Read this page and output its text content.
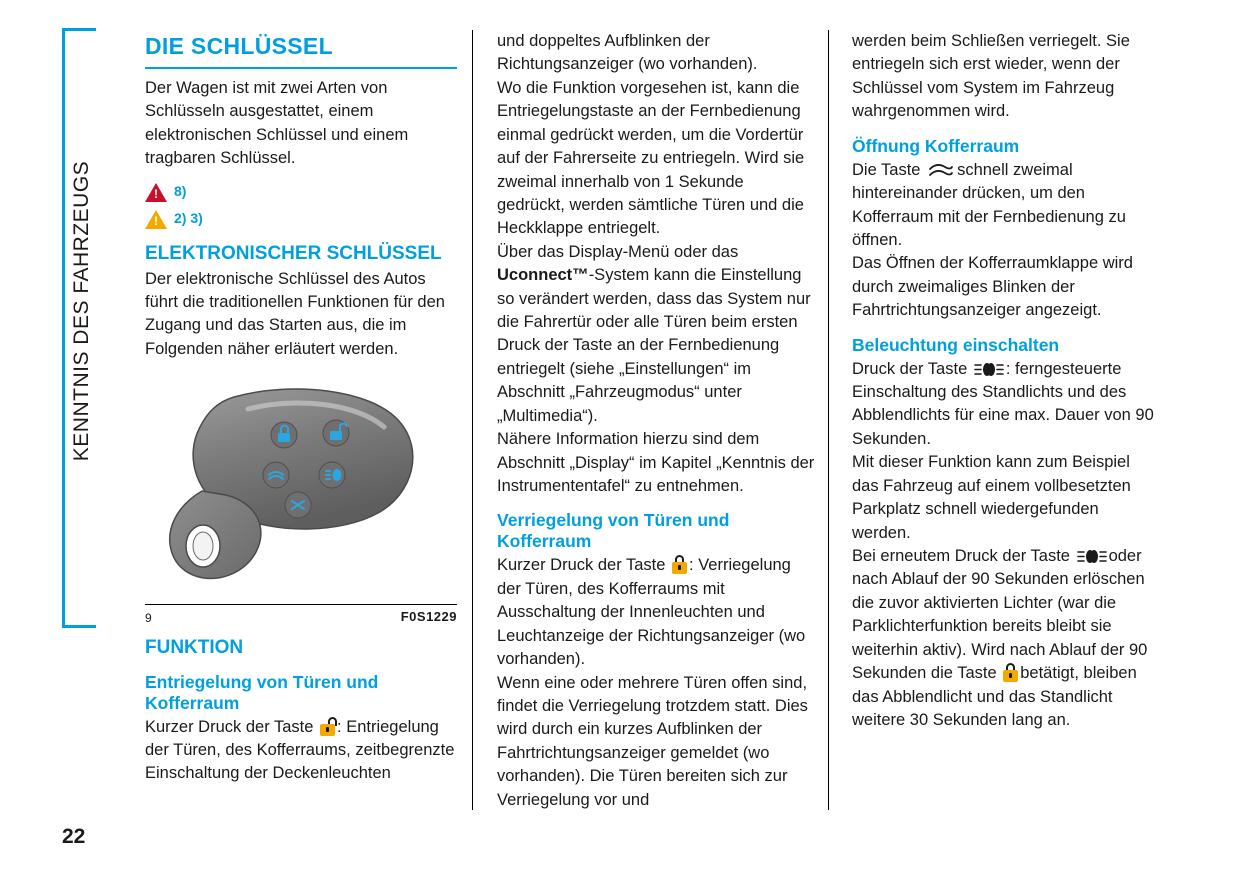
KENNTNIS DES FAHRZEUGS
DIE SCHLÜSSEL

Der Wagen ist mit zwei Arten von Schlüsseln ausgestattet, einem elektronischen Schlüssel und einem tragbaren Schlüssel.

! 8)
! 2) 3)
ELEKTRONISCHER SCHLÜSSEL

Der elektronische Schlüssel des Autos führt die traditionellen Funktionen für den Zugang und das Starten aus, die im Folgenden näher erläutert werden.

9	F0S1229
FUNKTION
Entriegelung von Türen und Kofferraum

Kurzer Druck der Taste : Entriegelung der Türen, des Kofferraums, zeitbegrenzte Einschaltung der Deckenleuchten

und doppeltes Aufblinken der Richtungsanzeiger (wo vorhanden).

Wo die Funktion vorgesehen ist, kann die Entriegelungstaste an der Fernbedienung einmal gedrückt werden, um die Vordertür auf der Fahrerseite zu entriegeln. Wird sie zweimal innerhalb von 1 Sekunde gedrückt, werden sämtliche Türen und die Heckklappe entriegelt.

Über das Display-Menü oder das Uconnect™-System kann die Einstellung so verändert werden, dass das System nur die Fahrertür oder alle Türen beim ersten Druck der Taste an der Fernbedienung entriegelt (siehe „Einstellungen“ im Abschnitt „Fahrzeugmodus“ unter „Multimedia“).

Nähere Information hierzu sind dem Abschnitt „Display“ im Kapitel „Kenntnis der Instrumententafel“ zu entnehmen.

Verriegelung von Türen und Kofferraum

Kurzer Druck der Taste : Verriegelung der Türen, des Kofferraums mit Ausschaltung der Innenleuchten und Leuchtanzeige der Richtungsanzeiger (wo vorhanden).

Wenn eine oder mehrere Türen offen sind, findet die Verriegelung trotzdem statt. Dies wird durch ein kurzes Aufblinken der Fahrtrichtungsanzeiger gemeldet (wo vorhanden). Die Türen bereiten sich zur Verriegelung vor und

werden beim Schließen verriegelt. Sie entriegeln sich erst wieder, wenn der Schlüssel vom System im Fahrzeug wahrgenommen wird.

Öffnung Kofferraum

Die Taste schnell zweimal hintereinander drücken, um den Kofferraum mit der Fernbedienung zu öffnen.

Das Öffnen der Kofferraumklappe wird durch zweimaliges Blinken der Fahrtrichtungsanzeiger angezeigt.

Beleuchtung einschalten

Druck der Taste : ferngesteuerte Einschaltung des Standlichts und des Abblendlichts für eine max. Dauer von 90 Sekunden.

Mit dieser Funktion kann zum Beispiel das Fahrzeug auf einem vollbesetzten Parkplatz schnell wiedergefunden werden.

Bei erneutem Druck der Taste oder nach Ablauf der 90 Sekunden erlöschen die zuvor aktivierten Lichter (war die Parklichterfunktion bereits bleibt sie weiterhin aktiv). Wird nach Ablauf der 90 Sekunden die Taste betätigt, bleiben das Abblendlicht und das Standlicht weitere 30 Sekunden lang an.

22
